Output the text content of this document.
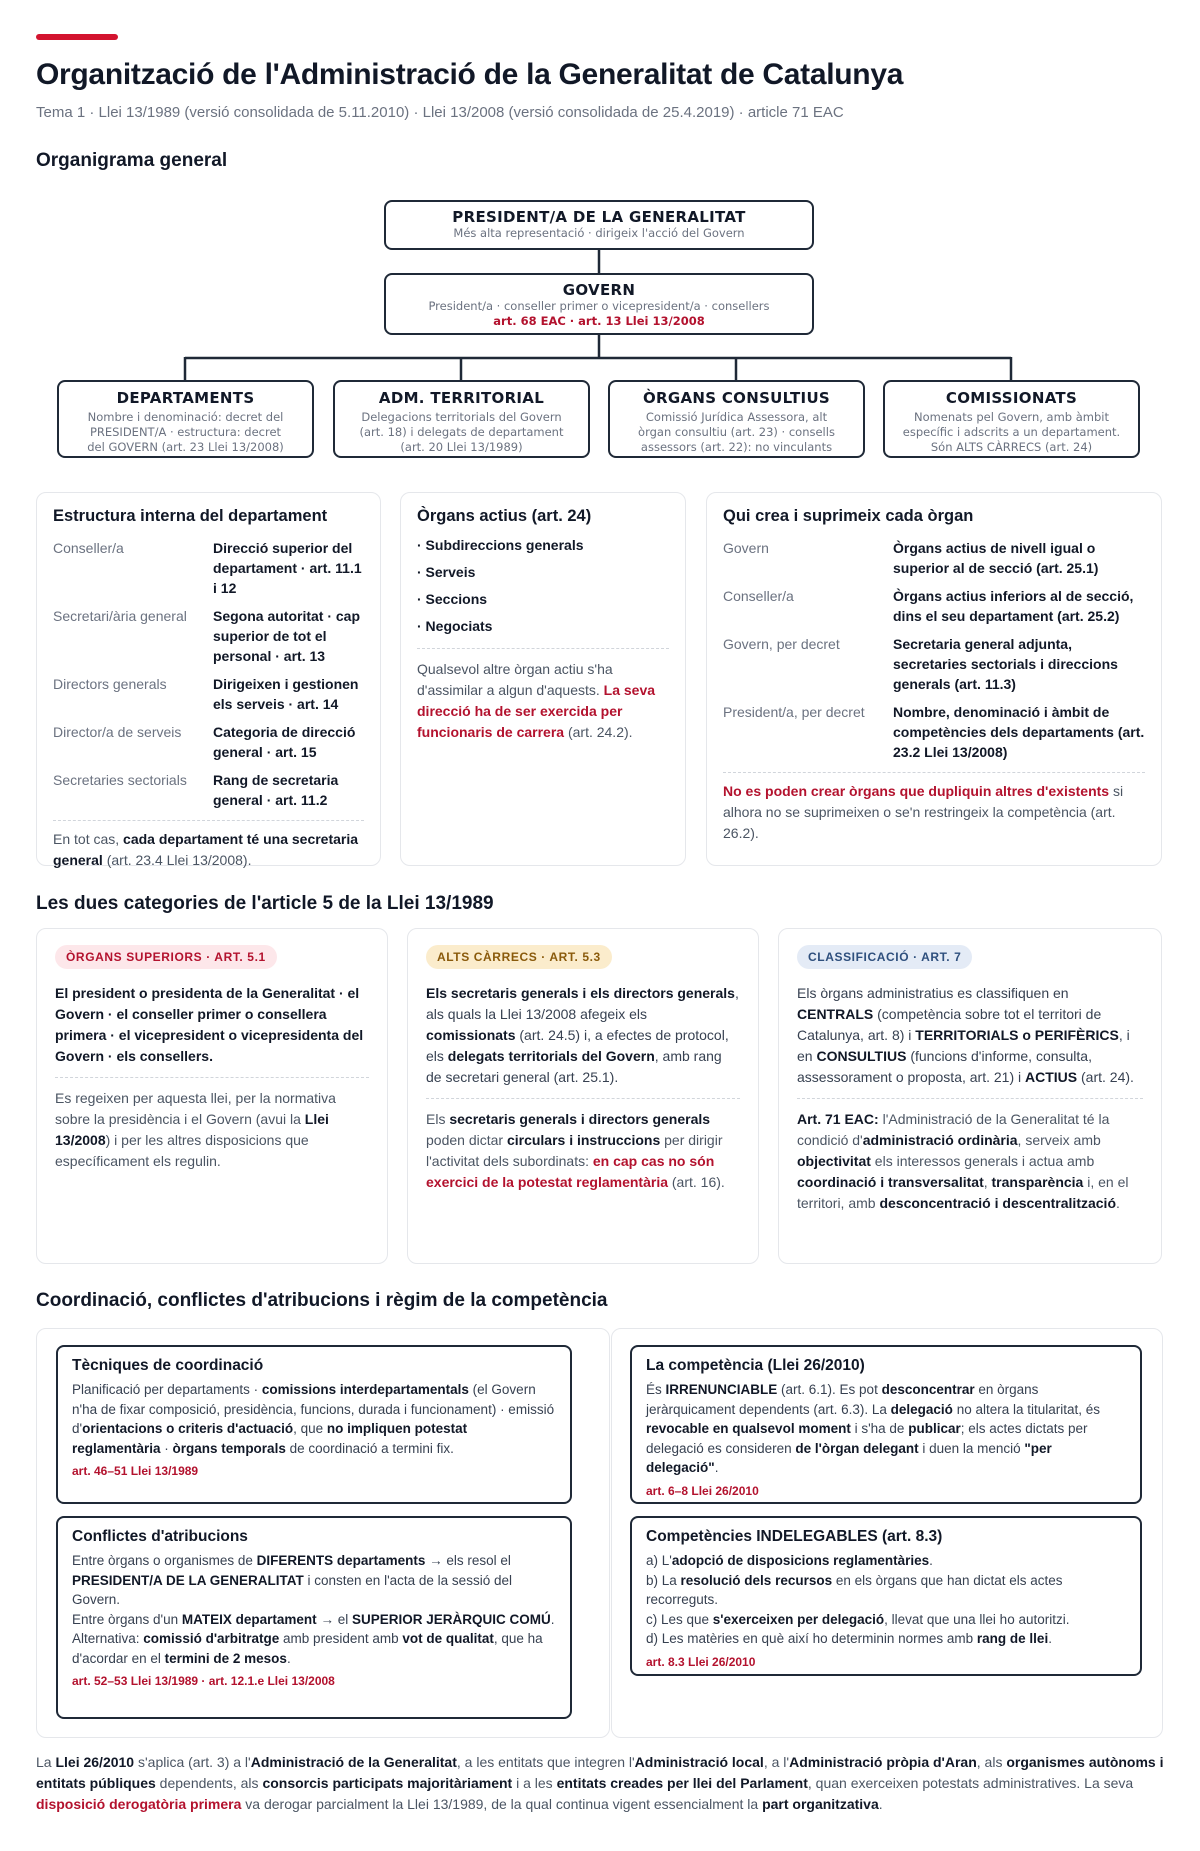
Organització de l'Administració de la Generalitat de Catalunya
Tema 1 · Llei 13/1989 (versió consolidada de 5.11.2010) · Llei 13/2008 (versió consolidada de 25.4.2019) · article 71 EAC
Organigrama general
PRESIDENT/A DE LA GENERALITAT
Més alta representació · dirigeix l'acció del Govern
GOVERN
President/a · conseller primer o vicepresident/a · consellers
art. 68 EAC · art. 13 Llei 13/2008
DEPARTAMENTS
Nombre i denominació: decret del
PRESIDENT/A · estructura: decret
del GOVERN (art. 23 Llei 13/2008)
ADM. TERRITORIAL
Delegacions territorials del Govern
(art. 18) i delegats de departament
(art. 20 Llei 13/1989)
ÒRGANS CONSULTIUS
Comissió Jurídica Assessora, alt
òrgan consultiu (art. 23) · consells
assessors (art. 22): no vinculants
COMISSIONATS
Nomenats pel Govern, amb àmbit
específic i adscrits a un departament.
Són ALTS CÀRRECS (art. 24)
Estructura interna del departament
Conseller/a	Direcció superior del departament · art. 11.1 i 12
Secretari/ària general	Segona autoritat · cap superior de tot el personal · art. 13
Directors generals	Dirigeixen i gestionen els serveis · art. 14
Director/a de serveis	Categoria de direcció general · art. 15
Secretaries sectorials	Rang de secretaria general · art. 11.2

En tot cas, cada departament té una secretaria general (art. 23.4 Llei 13/2008).

Òrgans actius (art. 24)
· Subdireccions generals
· Serveis
· Seccions
· Negociats

Qualsevol altre òrgan actiu s'ha d'assimilar a algun d'aquests. La seva direcció ha de ser exercida per funcionaris de carrera (art. 24.2).

Qui crea i suprimeix cada òrgan
Govern	Òrgans actius de nivell igual o superior al de secció (art. 25.1)
Conseller/a	Òrgans actius inferiors al de secció, dins el seu departament (art. 25.2)
Govern, per decret	Secretaria general adjunta, secretaries sectorials i direccions generals (art. 11.3)
President/a, per decret	Nombre, denominació i àmbit de competències dels departaments (art. 23.2 Llei 13/2008)

No es poden crear òrgans que dupliquin altres d'existents si alhora no se suprimeixen o se'n restringeix la competència (art. 26.2).

Les dues categories de l'article 5 de la Llei 13/1989
ÒRGANS SUPERIORS · ART. 5.1

El president o presidenta de la Generalitat · el Govern · el conseller primer o consellera primera · el vicepresident o vicepresidenta del Govern · els consellers.

Es regeixen per aquesta llei, per la normativa sobre la presidència i el Govern (avui la Llei 13/2008) i per les altres disposicions que específicament els regulin.

ALTS CÀRRECS · ART. 5.3

Els secretaris generals i els directors generals, als quals la Llei 13/2008 afegeix els comissionats (art. 24.5) i, a efectes de protocol, els delegats territorials del Govern, amb rang de secretari general (art. 25.1).

Els secretaris generals i directors generals poden dictar circulars i instruccions per dirigir l'activitat dels subordinats: en cap cas no són exercici de la potestat reglamentària (art. 16).

CLASSIFICACIÓ · ART. 7

Els òrgans administratius es classifiquen en CENTRALS (competència sobre tot el territori de Catalunya, art. 8) i TERRITORIALS o PERIFÈRICS, i en CONSULTIUS (funcions d'informe, consulta, assessorament o proposta, art. 21) i ACTIUS (art. 24).

Art. 71 EAC: l'Administració de la Generalitat té la condició d'administració ordinària, serveix amb objectivitat els interessos generals i actua amb coordinació i transversalitat, transparència i, en el territori, amb desconcentració i descentralització.

Coordinació, conflictes d'atribucions i règim de la competència
Tècniques de coordinació

Planificació per departaments · comissions interdepartamentals (el Govern n'ha de fixar composició, presidència, funcions, durada i funcionament) · emissió d'orientacions o criteris d'actuació, que no impliquen potestat reglamentària · òrgans temporals de coordinació a termini fix.

art. 46–51 Llei 13/1989
Conflictes d'atribucions

Entre òrgans o organismes de DIFERENTS departaments → els resol el PRESIDENT/A DE LA GENERALITAT i consten en l'acta de la sessió del Govern.

Entre òrgans d'un MATEIX departament → el SUPERIOR JERÀRQUIC COMÚ.

Alternativa: comissió d'arbitratge amb president amb vot de qualitat, que ha d'acordar en el termini de 2 mesos.

art. 52–53 Llei 13/1989 · art. 12.1.e Llei 13/2008
La competència (Llei 26/2010)

És IRRENUNCIABLE (art. 6.1). Es pot desconcentrar en òrgans jeràrquicament dependents (art. 6.3). La delegació no altera la titularitat, és revocable en qualsevol moment i s'ha de publicar; els actes dictats per delegació es consideren de l'òrgan delegant i duen la menció "per delegació".

art. 6–8 Llei 26/2010
Competències INDELEGABLES (art. 8.3)

a) L'adopció de disposicions reglamentàries.

b) La resolució dels recursos en els òrgans que han dictat els actes recorreguts.

c) Les que s'exerceixen per delegació, llevat que una llei ho autoritzi.

d) Les matèries en què així ho determinin normes amb rang de llei.

art. 8.3 Llei 26/2010

La Llei 26/2010 s'aplica (art. 3) a l'Administració de la Generalitat, a les entitats que integren l'Administració local, a l'Administració pròpia d'Aran, als organismes autònoms i entitats públiques dependents, als consorcis participats majoritàriament i a les entitats creades per llei del Parlament, quan exerceixen potestats administratives. La seva disposició derogatòria primera va derogar parcialment la Llei 13/1989, de la qual continua vigent essencialment la part organitzativa.
